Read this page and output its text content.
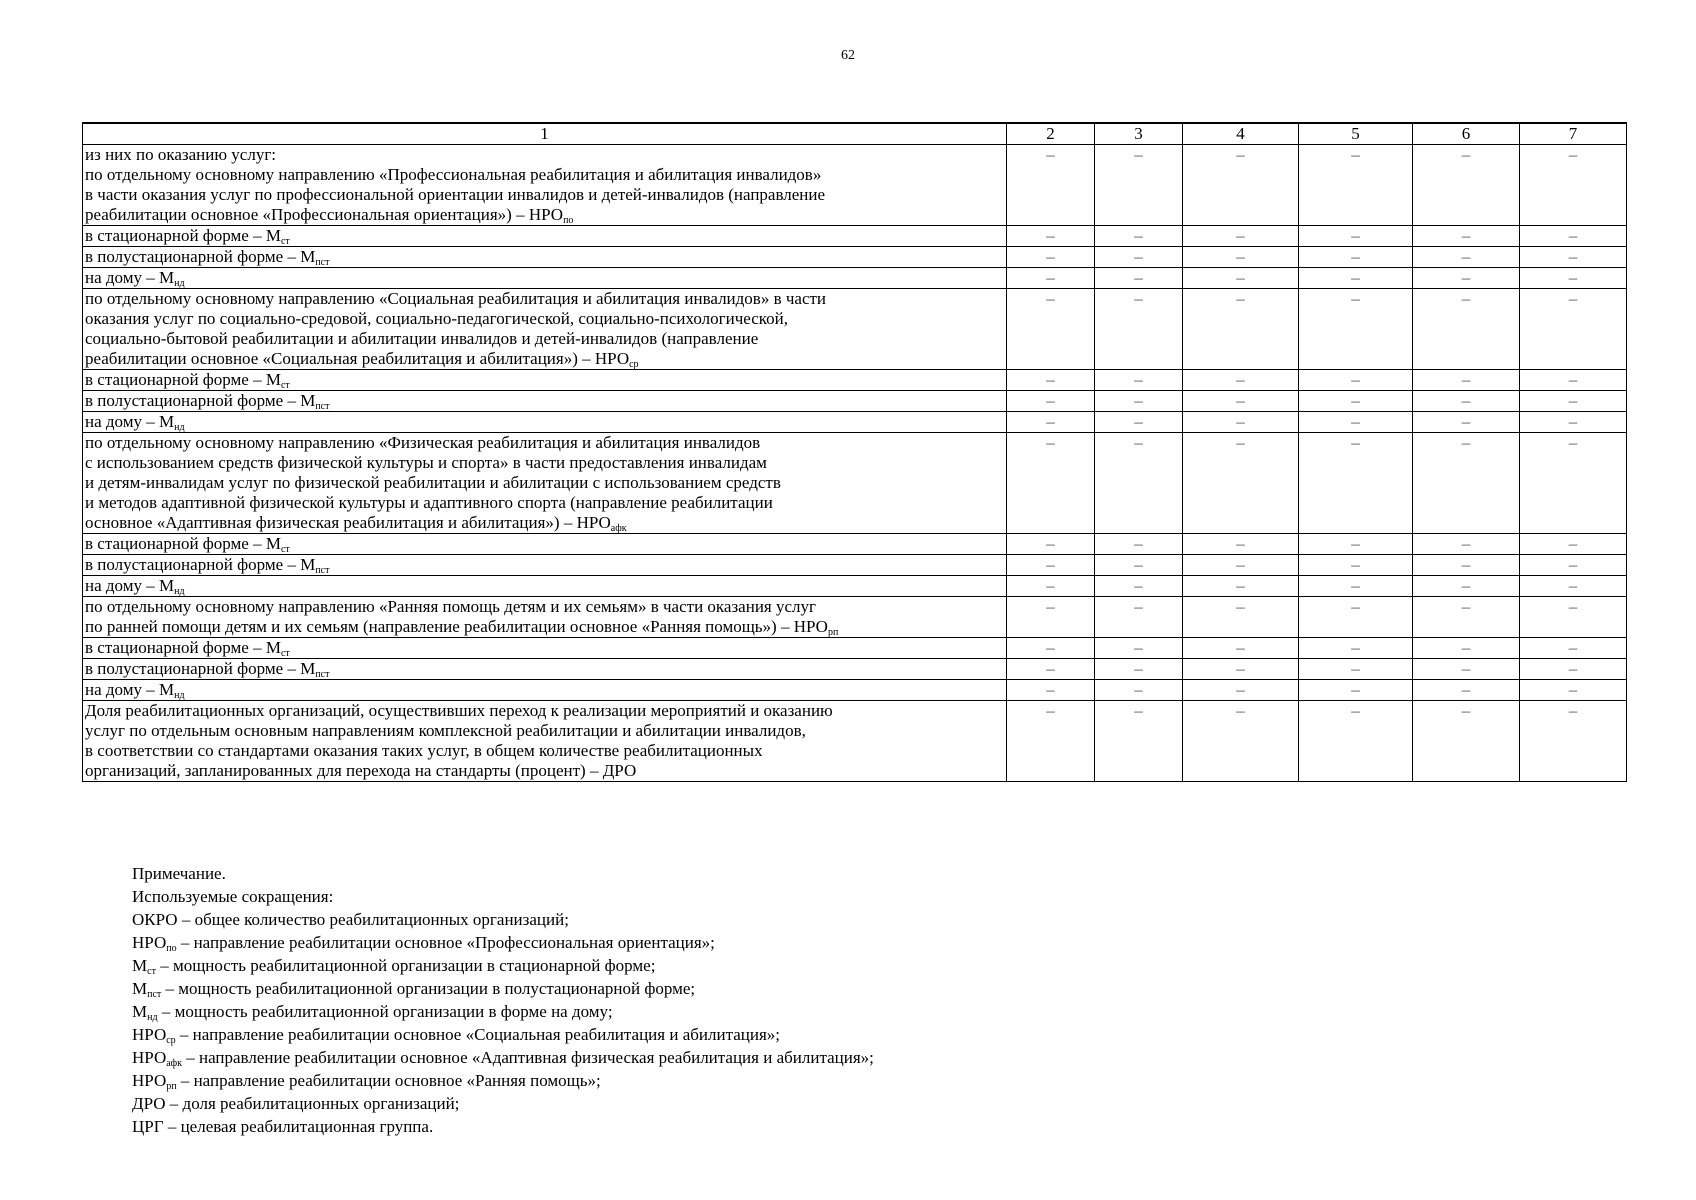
62
1	2	3	4	5	6	7

из них по оказанию услуг:
по отдельному основному направлению «Профессиональная реабилитация и абилитация инвалидов»
в части оказания услуг по профессиональной ориентации инвалидов и детей-инвалидов (направление
реабилитации основное «Профессиональная ориентация») – $НРО_{по}$	–	–	–	–	–	–

в стационарной форме – $М_{ст}$	–	–	–	–	–	–

в полустационарной форме – $М_{пст}$	–	–	–	–	–	–

на дому – $М_{нд}$	–	–	–	–	–	–

по отдельному основному направлению «Социальная реабилитация и абилитация инвалидов» в части
оказания услуг по социально-средовой, социально-педагогической, социально-психологической,
социально-бытовой реабилитации и абилитации инвалидов и детей-инвалидов (направление
реабилитации основное «Социальная реабилитация и абилитация») – $НРО_{ср}$	–	–	–	–	–	–

в стационарной форме – $М_{ст}$	–	–	–	–	–	–

в полустационарной форме – $М_{пст}$	–	–	–	–	–	–

на дому – $М_{нд}$	–	–	–	–	–	–

по отдельному основному направлению «Физическая реабилитация и абилитация инвалидов
с использованием средств физической культуры и спорта» в части предоставления инвалидам
и детям-инвалидам услуг по физической реабилитации и абилитации с использованием средств
и методов адаптивной физической культуры и адаптивного спорта (направление реабилитации
основное «Адаптивная физическая реабилитация и абилитация») – $НРО_{афк}$	–	–	–	–	–	–

в стационарной форме – $М_{ст}$	–	–	–	–	–	–

в полустационарной форме – $М_{пст}$	–	–	–	–	–	–

на дому – $М_{нд}$	–	–	–	–	–	–

по отдельному основному направлению «Ранняя помощь детям и их семьям» в части оказания услуг
по ранней помощи детям и их семьям (направление реабилитации основное «Ранняя помощь») – $НРО_{рп}$	–	–	–	–	–	–

в стационарной форме – $М_{ст}$	–	–	–	–	–	–

в полустационарной форме – $М_{пст}$	–	–	–	–	–	–

на дому – $М_{нд}$	–	–	–	–	–	–

Доля реабилитационных организаций, осуществивших переход к реализации мероприятий и оказанию
услуг по отдельным основным направлениям комплексной реабилитации и абилитации инвалидов,
в соответствии со стандартами оказания таких услуг, в общем количестве реабилитационных
организаций, запланированных для перехода на стандарты (процент) – ДРО	–	–	–	–	–	–
Примечание.
Используемые сокращения:
ОКРО – общее количество реабилитационных организаций;
$НРО_{по}$ – направление реабилитации основное «Профессиональная ориентация»;
$М_{ст}$ – мощность реабилитационной организации в стационарной форме;
$М_{пст}$ – мощность реабилитационной организации в полустационарной форме;
$М_{нд}$ – мощность реабилитационной организации в форме на дому;
$НРО_{ср}$ – направление реабилитации основное «Социальная реабилитация и абилитация»;
$НРО_{афк}$ – направление реабилитации основное «Адаптивная физическая реабилитация и абилитация»;
$НРО_{рп}$ – направление реабилитации основное «Ранняя помощь»;
ДРО – доля реабилитационных организаций;
ЦРГ – целевая реабилитационная группа.
